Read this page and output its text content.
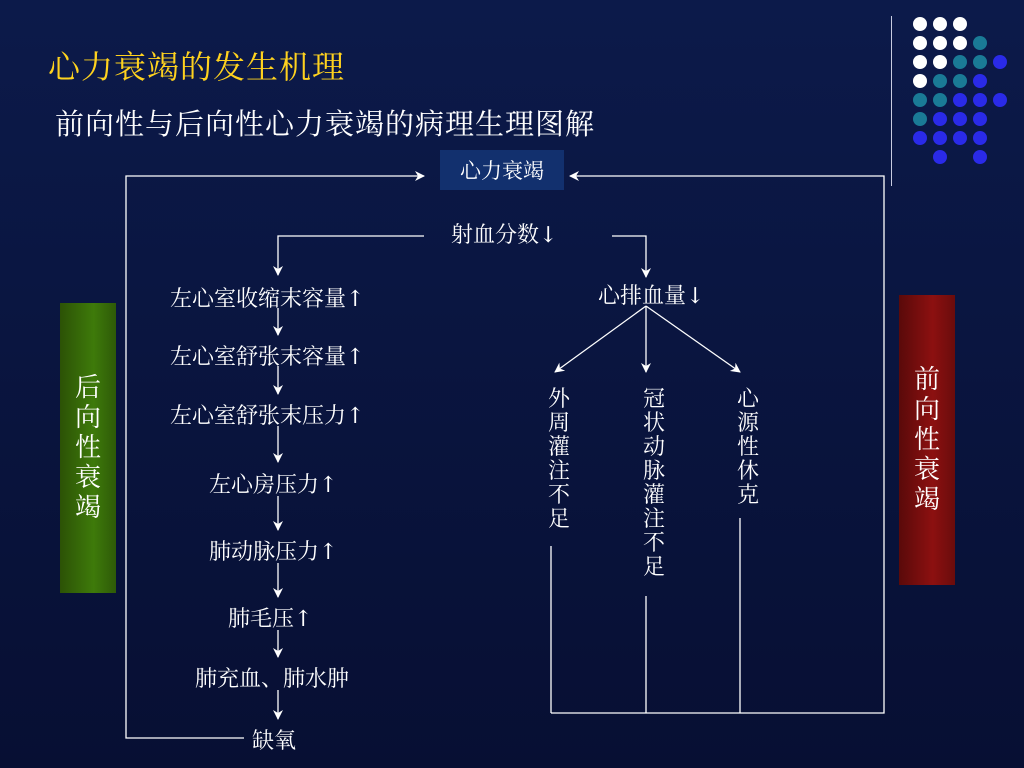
心力衰竭的发生机理
前向性与后向性心力衰竭的病理生理图解
心力衰竭
射血分数↓
左心室收缩末容量↑
左心室舒张末容量↑
左心室舒张末压力↑
左心房压力↑
肺动脉压力↑
肺毛压↑
肺充血、肺水肿
缺氧
心排血量↓
外周灌注不足
冠状动脉灌注不足
心源性休克
后向性衰竭
前向性衰竭
